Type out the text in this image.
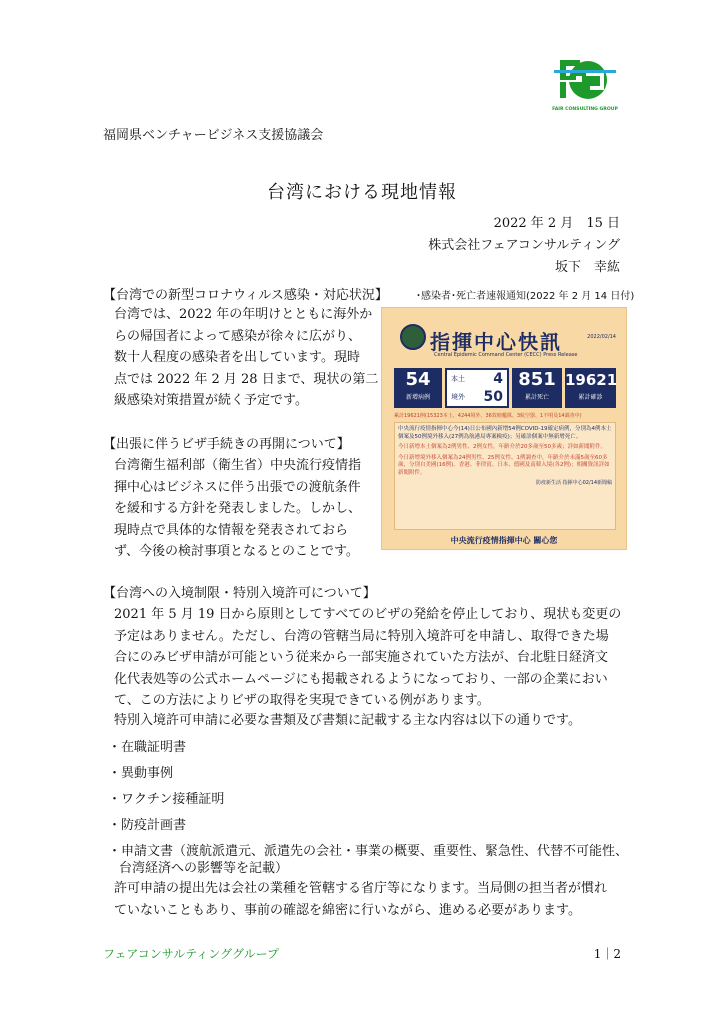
FAIR CONSULTING GROUP
福岡県ベンチャービジネス支援協議会
台湾における現地情報
2022 年 2 月　15 日
株式会社フェアコンサルティング
坂下　幸紘
【台湾での新型コロナウィルス感染・対応状況】
台湾では、2022 年の年明けとともに海外か
らの帰国者によって感染が徐々に広がり、
数十人程度の感染者を出しています。現時
点では 2022 年 2 月 28 日まで、現状の第二
級感染対策措置が続く予定です。
･感染者･死亡者速報通知(2022 年 2 月 14 日付)
指揮中心快訊
Central Epidemic Command Center (CECC) Press Release
2022/02/14
54
新增病例
本土 4
境外 50
851
累計死亡
19621
累計確診
累計19621例(15323本土、4244境外、36敦睦艦隊、3航空器、1不明及14調查中)

中央流行疫情指揮中心今(14)日公布國內新增54例COVID-19確定病例，分別為4例本土個案及50例境外移入(27例為航港局專案檢疫)；另確診個案中無新增死亡。

今日新增本土個案為2例男性、2例女性，年齡介於20多歲至50多歲；詳如新聞附件。

今日新增境外移入個案為24例男性、25例女性、1例調查中，年齡介於未滿5歲至60多歲，分別自美國(16例)、香港、菲律賓、日本、德國及南韓入境(各2例)；相關資訊詳如新聞附件。

防疫新生活 指揮中心02/14新聞稿

中央流行疫情指揮中心 關心您
【出張に伴うビザ手続きの再開について】
台湾衛生福利部（衛生省）中央流行疫情指
揮中心はビジネスに伴う出張での渡航条件
を緩和する方針を発表しました。しかし、
現時点で具体的な情報を発表されておら
ず、今後の検討事項となるとのことです。
【台湾への入境制限・特別入境許可について】
2021 年 5 月 19 日から原則としてすべてのビザの発給を停止しており、現状も変更の
予定はありません。ただし、台湾の管轄当局に特別入境許可を申請し、取得できた場
合にのみビザ申請が可能という従来から一部実施されていた方法が、台北駐日経済文
化代表処等の公式ホームページにも掲載されるようになっており、一部の企業におい
て、この方法によりビザの取得を実現できている例があります。
特別入境許可申請に必要な書類及び書類に記載する主な内容は以下の通りです。
・在職証明書
・異動事例
・ワクチン接種証明
・防疫計画書
・申請文書（渡航派遣元、派遣先の会社・事業の概要、重要性、緊急性、代替不可能性、
台湾経済への影響等を記載）
許可申請の提出先は会社の業種を管轄する省庁等になります。当局側の担当者が慣れ
ていないこともあり、事前の確認を綿密に行いながら、進める必要があります。
フェアコンサルティンググループ	1｜2
